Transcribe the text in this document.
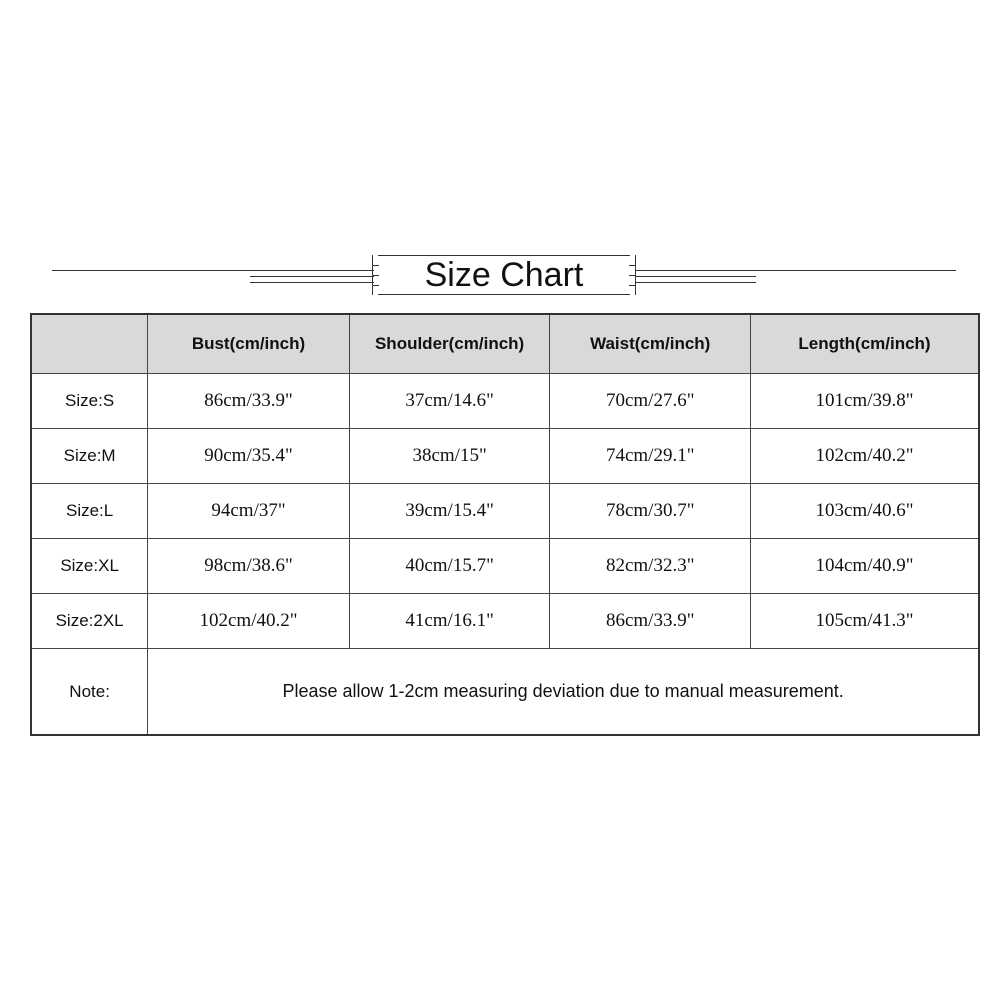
Size Chart
	Bust(cm/inch)	Shoulder(cm/inch)	Waist(cm/inch)	Length(cm/inch)
Size:S	86cm/33.9"	37cm/14.6"	70cm/27.6"	101cm/39.8"
Size:M	90cm/35.4"	38cm/15"	74cm/29.1"	102cm/40.2"
Size:L	94cm/37"	39cm/15.4"	78cm/30.7"	103cm/40.6"
Size:XL	98cm/38.6"	40cm/15.7"	82cm/32.3"	104cm/40.9"
Size:2XL	102cm/40.2"	41cm/16.1"	86cm/33.9"	105cm/41.3"
Note:	Please allow 1-2cm measuring deviation due to manual measurement.			
